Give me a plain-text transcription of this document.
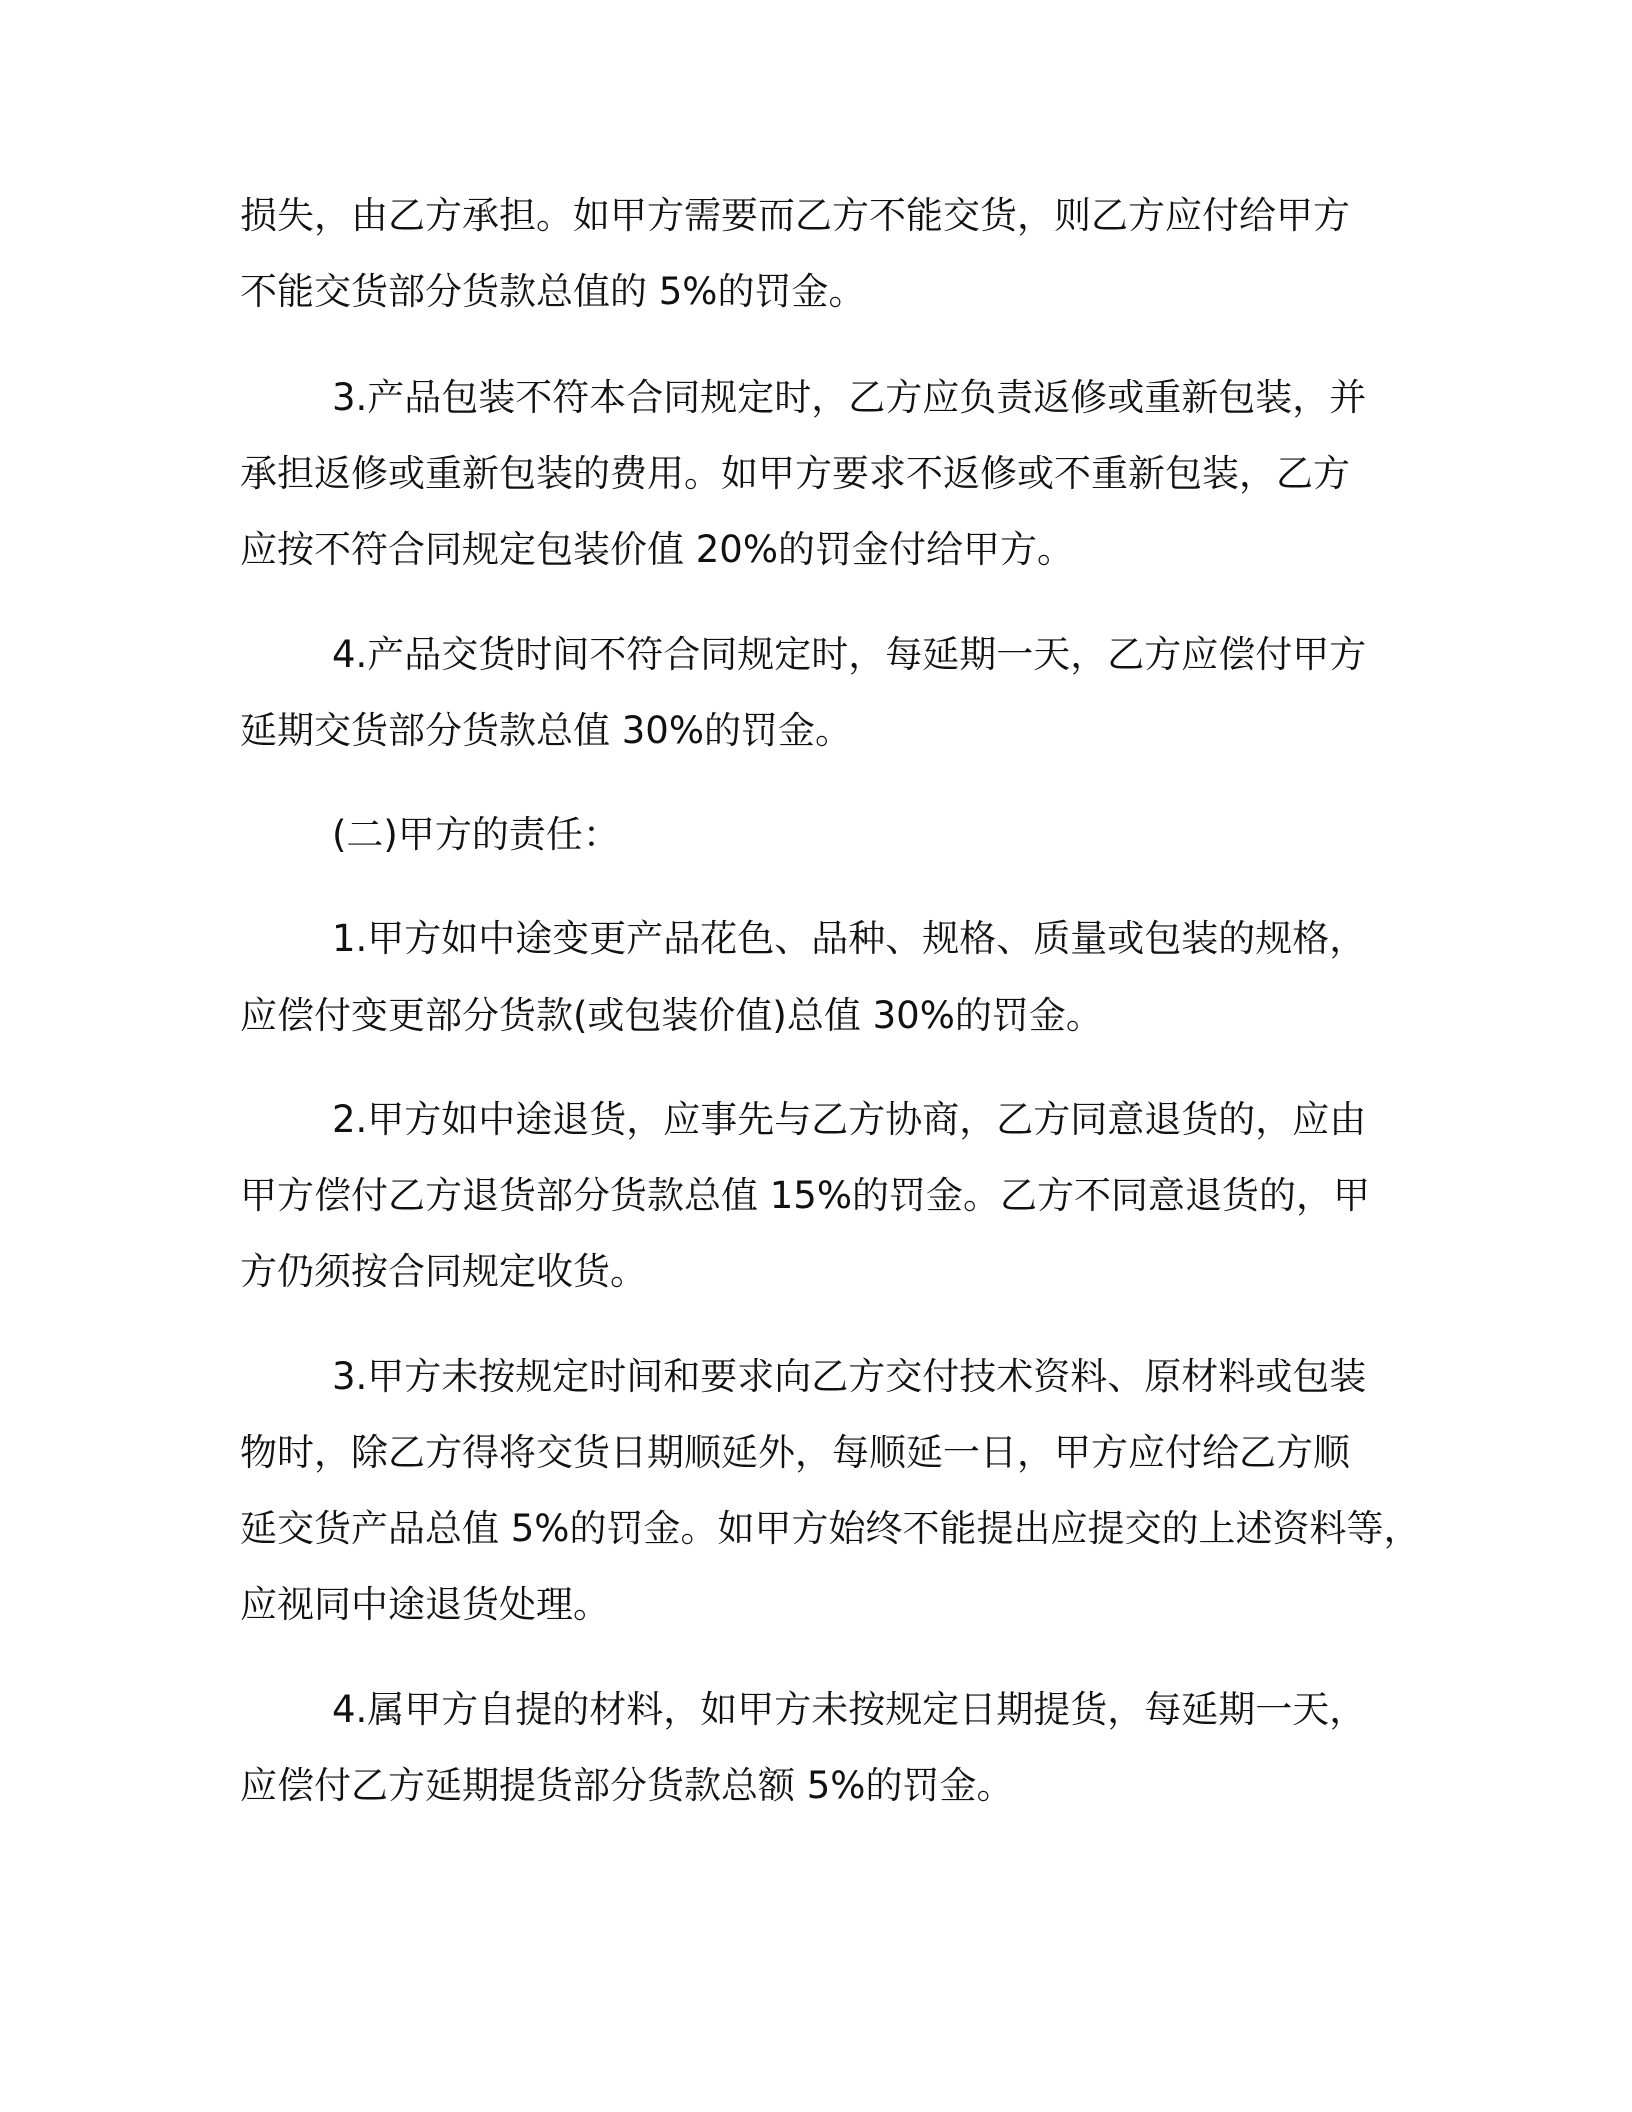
损失，由乙方承担。如甲方需要而乙方不能交货，则乙方应付给甲方

不能交货部分货款总值的 5%的罚金。

3.产品包装不符本合同规定时，乙方应负责返修或重新包装，并

承担返修或重新包装的费用。如甲方要求不返修或不重新包装，乙方

应按不符合同规定包装价值 20%的罚金付给甲方。

4.产品交货时间不符合同规定时，每延期一天，乙方应偿付甲方

延期交货部分货款总值 30%的罚金。

(二)甲方的责任：

1.甲方如中途变更产品花色、品种、规格、质量或包装的规格，

应偿付变更部分货款(或包装价值)总值 30%的罚金。

2.甲方如中途退货，应事先与乙方协商，乙方同意退货的，应由

甲方偿付乙方退货部分货款总值 15%的罚金。乙方不同意退货的，甲

方仍须按合同规定收货。

3.甲方未按规定时间和要求向乙方交付技术资料、原材料或包装

物时，除乙方得将交货日期顺延外，每顺延一日，甲方应付给乙方顺

延交货产品总值 5%的罚金。如甲方始终不能提出应提交的上述资料等，

应视同中途退货处理。

4.属甲方自提的材料，如甲方未按规定日期提货，每延期一天，

应偿付乙方延期提货部分货款总额 5%的罚金。
